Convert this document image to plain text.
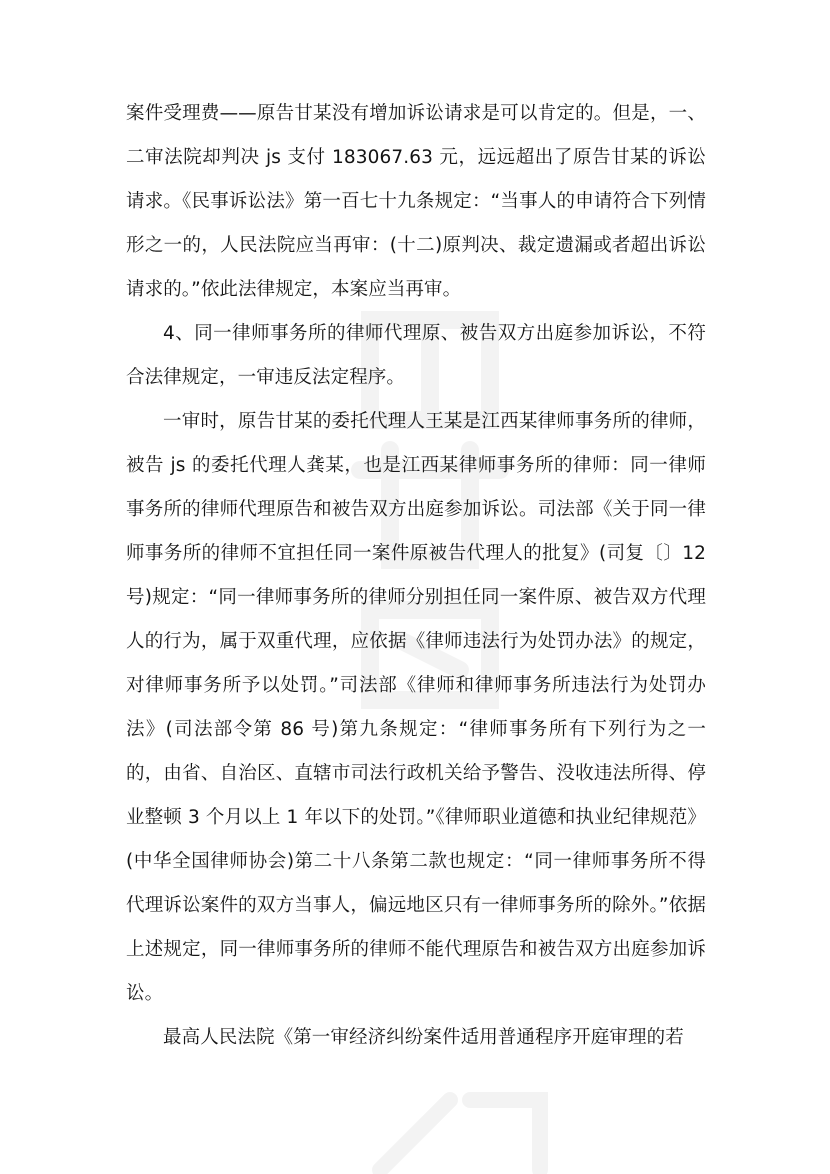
案件受理费——原告甘某没有增加诉讼请求是可以肯定的。但是，一、二审法院却判决 js 支付 183067.63 元，远远超出了原告甘某的诉讼请求。《民事诉讼法》第一百七十九条规定：“当事人的申请符合下列情形之一的，人民法院应当再审：(十二)原判决、裁定遗漏或者超出诉讼请求的。”依此法律规定，本案应当再审。

4、同一律师事务所的律师代理原、被告双方出庭参加诉讼，不符合法律规定，一审违反法定程序。

一审时，原告甘某的委托代理人王某是江西某律师事务所的律师，被告 js 的委托代理人龚某，也是江西某律师事务所的律师：同一律师事务所的律师代理原告和被告双方出庭参加诉讼。司法部《关于同一律师事务所的律师不宜担任同一案件原被告代理人的批复》(司复〔〕12 号)规定：“同一律师事务所的律师分别担任同一案件原、被告双方代理人的行为，属于双重代理，应依据《律师违法行为处罚办法》的规定，对律师事务所予以处罚。”司法部《律师和律师事务所违法行为处罚办法》(司法部令第 86 号)第九条规定：“律师事务所有下列行为之一的，由省、自治区、直辖市司法行政机关给予警告、没收违法所得、停业整顿 3 个月以上 1 年以下的处罚。”《律师职业道德和执业纪律规范》(中华全国律师协会)第二十八条第二款也规定：“同一律师事务所不得代理诉讼案件的双方当事人，偏远地区只有一律师事务所的除外。”依据上述规定，同一律师事务所的律师不能代理原告和被告双方出庭参加诉讼。

最高人民法院《第一审经济纠纷案件适用普通程序开庭审理的若
